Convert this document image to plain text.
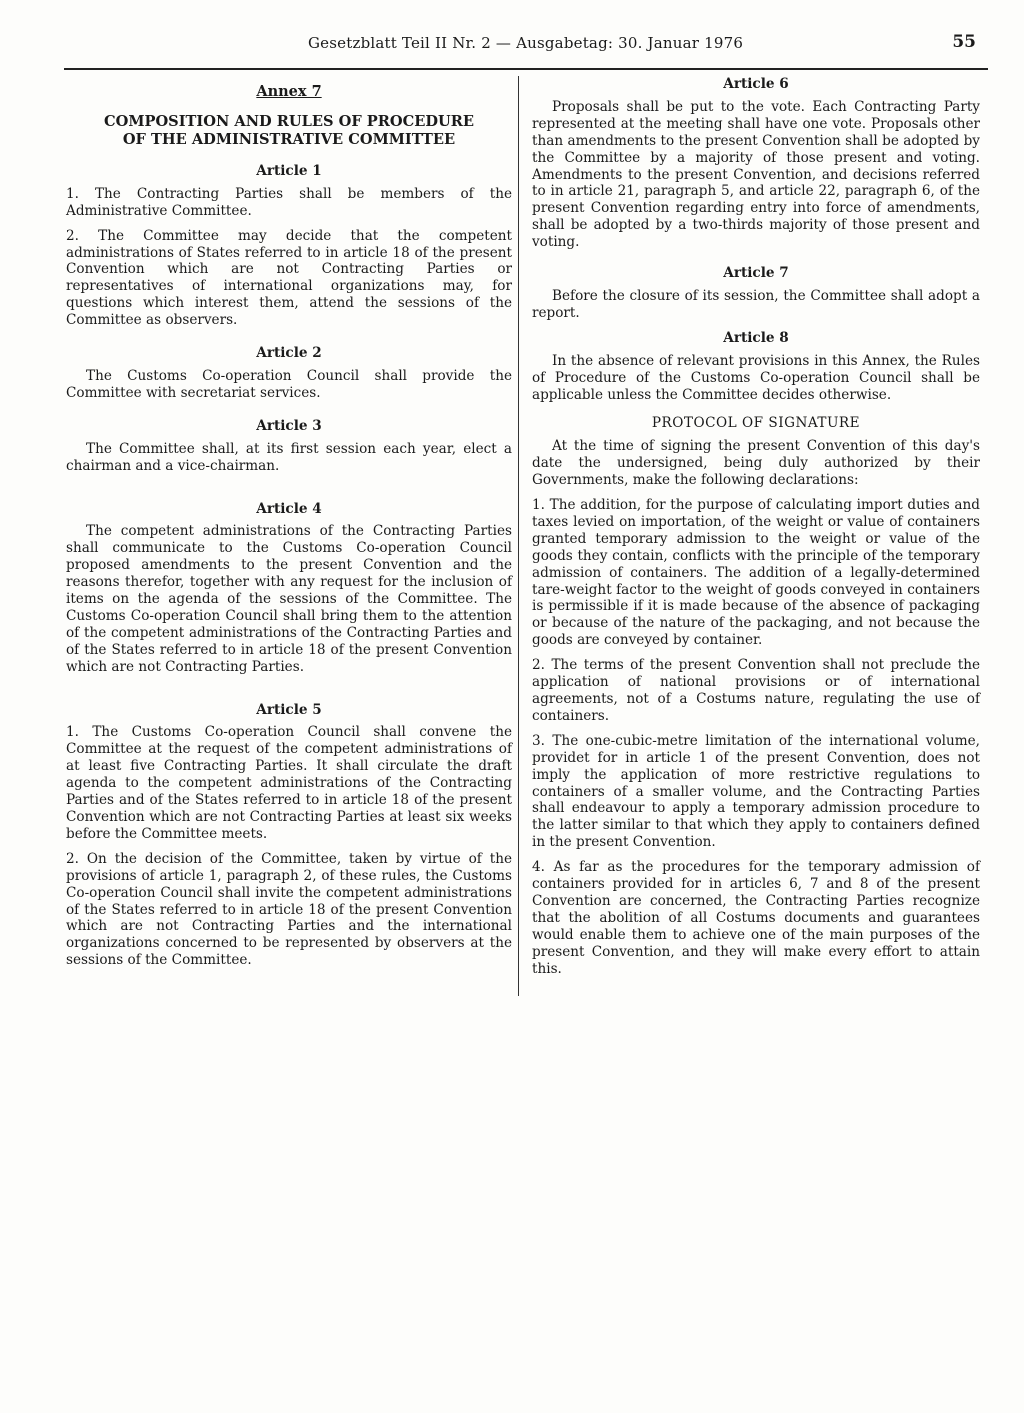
Gesetzblatt Teil II Nr. 2 — Ausgabetag: 30. Januar 1976	55
Annex 7
COMPOSITION AND RULES OF PROCEDURE
OF THE ADMINISTRATIVE COMMITTEE
Article 1

1. The Contracting Parties shall be members of the Administrative Committee.

2. The Committee may decide that the competent administrations of States referred to in article 18 of the present Convention which are not Contracting Parties or representatives of international organizations may, for questions which interest them, attend the sessions of the Committee as observers.

Article 2

The Customs Co-operation Council shall provide the Committee with secretariat services.

Article 3

The Committee shall, at its first session each year, elect a chairman and a vice-chairman.

Article 4

The competent administrations of the Contracting Parties shall communicate to the Customs Co-operation Council proposed amendments to the present Convention and the reasons therefor, together with any request for the inclusion of items on the agenda of the sessions of the Committee. The Customs Co-operation Council shall bring them to the attention of the competent administrations of the Contracting Parties and of the States referred to in article 18 of the present Convention which are not Contracting Parties.

Article 5

1. The Customs Co-operation Council shall convene the Committee at the request of the competent administrations of at least five Contracting Parties. It shall circulate the draft agenda to the competent administrations of the Contracting Parties and of the States referred to in article 18 of the present Convention which are not Contracting Parties at least six weeks before the Committee meets.

2. On the decision of the Committee, taken by virtue of the provisions of article 1, paragraph 2, of these rules, the Customs Co-operation Council shall invite the competent administrations of the States referred to in article 18 of the present Convention which are not Contracting Parties and the international organizations concerned to be represented by observers at the sessions of the Committee.

Article 6

Proposals shall be put to the vote. Each Contracting Party represented at the meeting shall have one vote. Proposals other than amendments to the present Convention shall be adopted by the Committee by a majority of those present and voting. Amendments to the present Convention, and decisions referred to in article 21, paragraph 5, and article 22, paragraph 6, of the present Convention regarding entry into force of amendments, shall be adopted by a two-thirds majority of those present and voting.

Article 7

Before the closure of its session, the Committee shall adopt a report.

Article 8

In the absence of relevant provisions in this Annex, the Rules of Procedure of the Customs Co-operation Council shall be applicable unless the Committee decides otherwise.

PROTOCOL OF SIGNATURE

At the time of signing the present Convention of this day's date the undersigned, being duly authorized by their Governments, make the following declarations:

1. The addition, for the purpose of calculating import duties and taxes levied on importation, of the weight or value of containers granted temporary admission to the weight or value of the goods they contain, conflicts with the principle of the temporary admission of containers. The addition of a legally-determined tare-weight factor to the weight of goods conveyed in containers is permissible if it is made because of the absence of packaging or because of the nature of the packaging, and not because the goods are conveyed by container.

2. The terms of the present Convention shall not preclude the application of national provisions or of international agreements, not of a Costums nature, regulating the use of containers.

3. The one-cubic-metre limitation of the international volume, providet for in article 1 of the present Convention, does not imply the application of more restrictive regulations to containers of a smaller volume, and the Contracting Parties shall endeavour to apply a temporary admission procedure to the latter similar to that which they apply to containers defined in the present Convention.

4. As far as the procedures for the temporary admission of containers provided for in articles 6, 7 and 8 of the present Convention are concerned, the Contracting Parties recognize that the abolition of all Costums documents and guarantees would enable them to achieve one of the main purposes of the present Convention, and they will make every effort to attain this.
